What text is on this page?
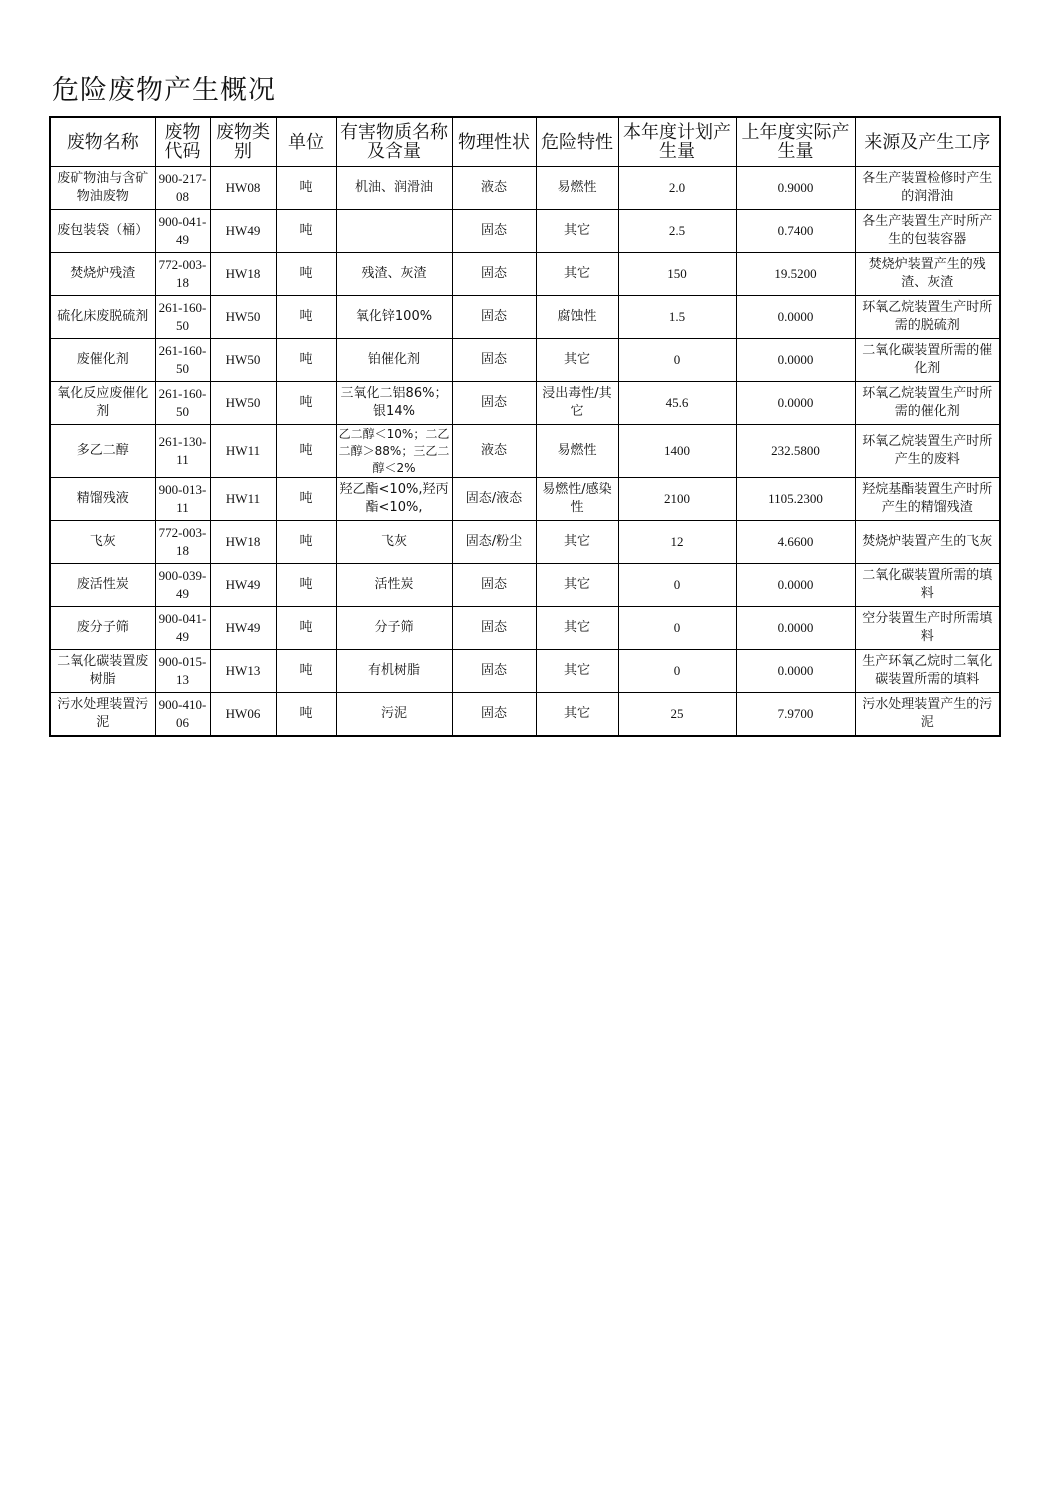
危险废物产生概况
废物名称	废物代码	废物类别	单位	有害物质名称及含量	物理性状	危险特性	本年度计划产生量	上年度实际产生量	来源及产生工序
废矿物油与含矿物油废物	900-217-08	HW08	吨	机油、润滑油	液态	易燃性	2.0	0.9000	各生产装置检修时产生的润滑油
废包装袋（桶）	900-041-49	HW49	吨		固态	其它	2.5	0.7400	各生产装置生产时所产生的包装容器
焚烧炉残渣	772-003-18	HW18	吨	残渣、灰渣	固态	其它	150	19.5200	焚烧炉装置产生的残渣、灰渣
硫化床废脱硫剂	261-160-50	HW50	吨	氧化锌100%	固态	腐蚀性	1.5	0.0000	环氧乙烷装置生产时所需的脱硫剂
废催化剂	261-160-50	HW50	吨	铂催化剂	固态	其它	0	0.0000	二氧化碳装置所需的催化剂
氧化反应废催化剂	261-160-50	HW50	吨	三氧化二铝86%；银14%	固态	浸出毒性/其它	45.6	0.0000	环氧乙烷装置生产时所需的催化剂
多乙二醇	261-130-11	HW11	吨	乙二醇＜10%；二乙二醇＞88%；三乙二醇＜2%	液态	易燃性	1400	232.5800	环氧乙烷装置生产时所产生的废料
精馏残液	900-013-11	HW11	吨	羟乙酯<10%,羟丙酯<10%,	固态/液态	易燃性/感染性	2100	1105.2300	羟烷基酯装置生产时所产生的精馏残渣
飞灰	772-003-18	HW18	吨	飞灰	固态/粉尘	其它	12	4.6600	焚烧炉装置产生的飞灰
废活性炭	900-039-49	HW49	吨	活性炭	固态	其它	0	0.0000	二氧化碳装置所需的填料
废分子筛	900-041-49	HW49	吨	分子筛	固态	其它	0	0.0000	空分装置生产时所需填料
二氧化碳装置废树脂	900-015-13	HW13	吨	有机树脂	固态	其它	0	0.0000	生产环氧乙烷时二氧化碳装置所需的填料
污水处理装置污泥	900-410-06	HW06	吨	污泥	固态	其它	25	7.9700	污水处理装置产生的污泥
